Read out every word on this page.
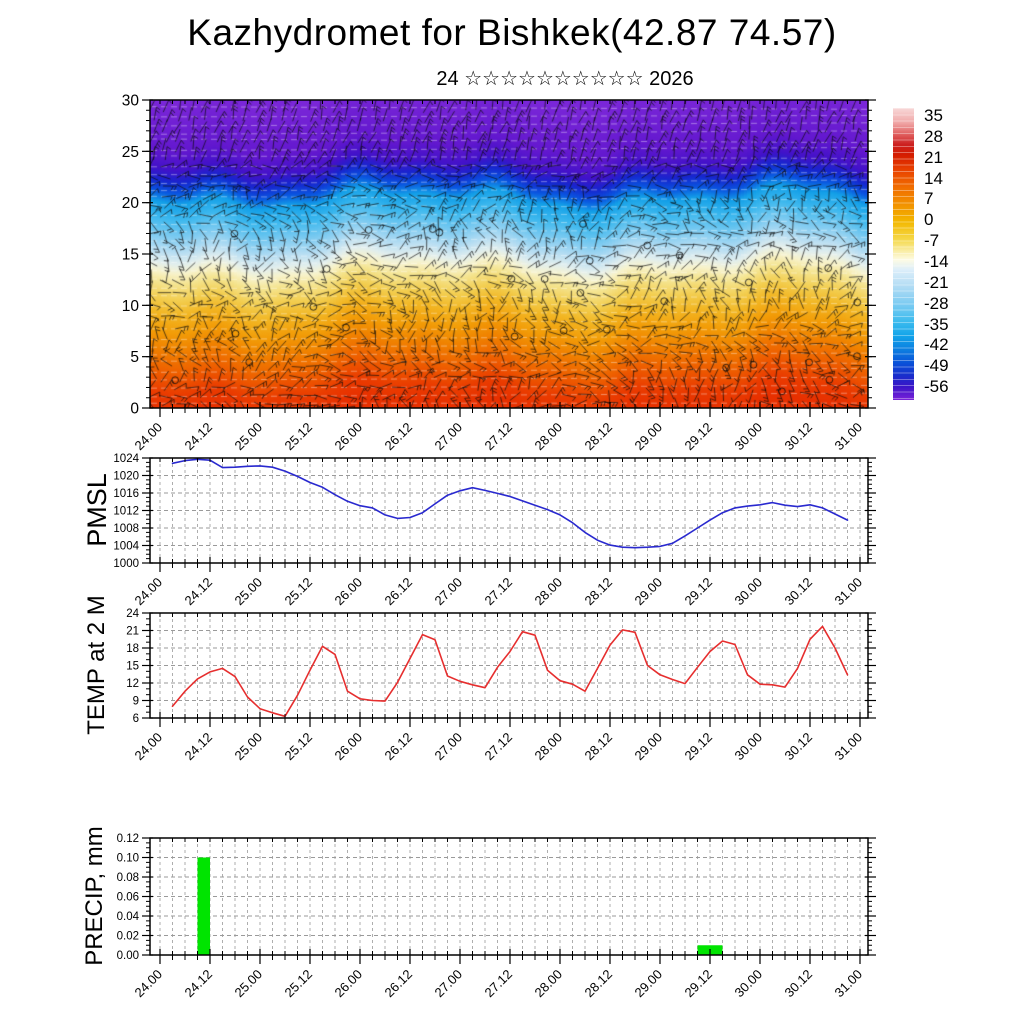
1024
1020
1016
1012
1008
1004
1000
24.00 24.12 25.00 25.12 26.00 26.12 27.00 27.12 28.00 28.12 29.00 29.12 30.00 30.12 31.00
24
21
18
15
12
9
6
24.00 24.12 25.00 25.12 26.00 26.12 27.00 27.12 28.00 28.12 29.00 29.12 30.00 30.12 31.00
0.12
0.10
0.08
0.06
0.04
0.02
0.00
24.00 24.12 25.00 25.12 26.00 26.12 27.00 27.12 28.00 28.12 29.00 29.12 30.00 30.12 31.00
30
25
20
15
10
5
0
24.00 24.12 25.00 25.12 26.00 26.12 27.00 27.12 28.00 28.12 29.00 29.12 30.00 30.12 31.00
Kazhydromet for Bishkek(42.87 74.57)
24 ☆☆☆☆☆☆☆☆☆☆ 2026
PMSL
TEMP at 2 M
PRECIP, mm
35
28
21
14
7
0
-7
-14
-21
-28
-35
-42
-49
-56
